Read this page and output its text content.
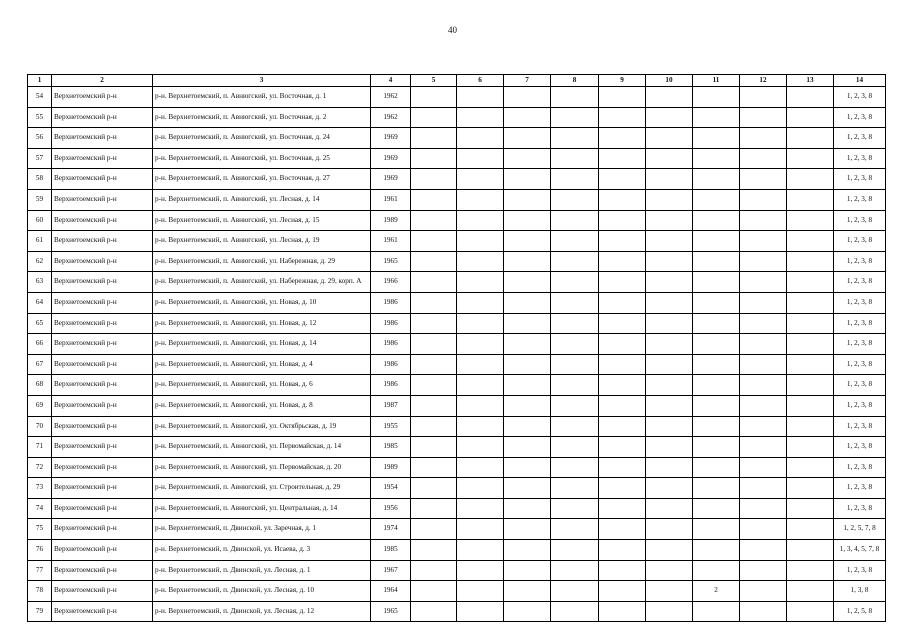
40
1	2	3	4	5	6	7	8	9	10	11	12	13	14
54	Верхнетоемский р-н	р-н. Верхнетоемский, п. Авнюгский, ул. Восточная, д. 1	1962										1, 2, 3, 8
55	Верхнетоемский р-н	р-н. Верхнетоемский, п. Авнюгский, ул. Восточная, д. 2	1962										1, 2, 3, 8
56	Верхнетоемский р-н	р-н. Верхнетоемский, п. Авнюгский, ул. Восточная, д. 24	1969										1, 2, 3, 8
57	Верхнетоемский р-н	р-н. Верхнетоемский, п. Авнюгский, ул. Восточная, д. 25	1969										1, 2, 3, 8
58	Верхнетоемский р-н	р-н. Верхнетоемский, п. Авнюгский, ул. Восточная, д. 27	1969										1, 2, 3, 8
59	Верхнетоемский р-н	р-н. Верхнетоемский, п. Авнюгский, ул. Лесная, д. 14	1961										1, 2, 3, 8
60	Верхнетоемский р-н	р-н. Верхнетоемский, п. Авнюгский, ул. Лесная, д. 15	1989										1, 2, 3, 8
61	Верхнетоемский р-н	р-н. Верхнетоемский, п. Авнюгский, ул. Лесная, д. 19	1961										1, 2, 3, 8
62	Верхнетоемский р-н	р-н. Верхнетоемский, п. Авнюгский, ул. Набережная, д. 29	1965										1, 2, 3, 8
63	Верхнетоемский р-н	р-н. Верхнетоемский, п. Авнюгский, ул. Набережная, д. 29, корп. А	1966										1, 2, 3, 8
64	Верхнетоемский р-н	р-н. Верхнетоемский, п. Авнюгский, ул. Новая, д. 10	1986										1, 2, 3, 8
65	Верхнетоемский р-н	р-н. Верхнетоемский, п. Авнюгский, ул. Новая, д. 12	1986										1, 2, 3, 8
66	Верхнетоемский р-н	р-н. Верхнетоемский, п. Авнюгский, ул. Новая, д. 14	1986										1, 2, 3, 8
67	Верхнетоемский р-н	р-н. Верхнетоемский, п. Авнюгский, ул. Новая, д. 4	1986										1, 2, 3, 8
68	Верхнетоемский р-н	р-н. Верхнетоемский, п. Авнюгский, ул. Новая, д. 6	1986										1, 2, 3, 8
69	Верхнетоемский р-н	р-н. Верхнетоемский, п. Авнюгский, ул. Новая, д. 8	1987										1, 2, 3, 8
70	Верхнетоемский р-н	р-н. Верхнетоемский, п. Авнюгский, ул. Октябрьская, д. 19	1955										1, 2, 3, 8
71	Верхнетоемский р-н	р-н. Верхнетоемский, п. Авнюгский, ул. Первомайская, д. 14	1985										1, 2, 3, 8
72	Верхнетоемский р-н	р-н. Верхнетоемский, п. Авнюгский, ул. Первомайская, д. 20	1989										1, 2, 3, 8
73	Верхнетоемский р-н	р-н. Верхнетоемский, п. Авнюгский, ул. Строительная, д. 29	1954										1, 2, 3, 8
74	Верхнетоемский р-н	р-н. Верхнетоемский, п. Авнюгский, ул. Центральная, д. 14	1956										1, 2, 3, 8
75	Верхнетоемский р-н	р-н. Верхнетоемский, п. Двинской, ул. Заречная, д. 1	1974										1, 2, 5, 7, 8
76	Верхнетоемский р-н	р-н. Верхнетоемский, п. Двинской, ул. Исаева, д. 3	1985										1, 3, 4, 5, 7, 8
77	Верхнетоемский р-н	р-н. Верхнетоемский, п. Двинской, ул. Лесная, д. 1	1967										1, 2, 3, 8
78	Верхнетоемский р-н	р-н. Верхнетоемский, п. Двинской, ул. Лесная, д. 10	1964							2			1, 3, 8
79	Верхнетоемский р-н	р-н. Верхнетоемский, п. Двинской, ул. Лесная, д. 12	1965										1, 2, 5, 8
